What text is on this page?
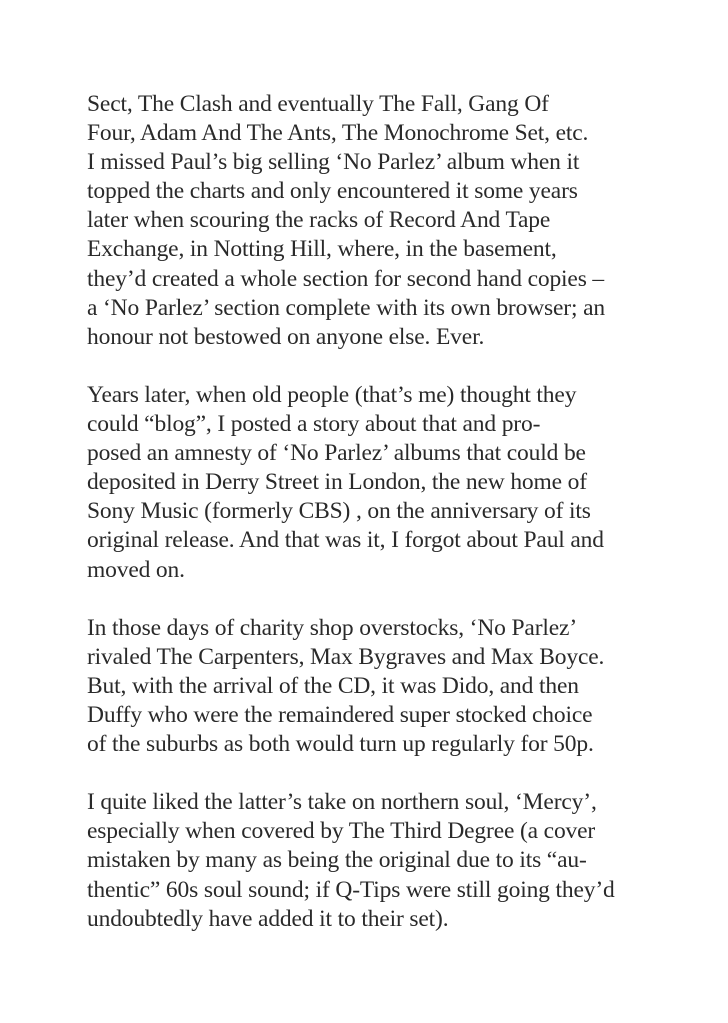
Sect, The Clash and eventually The Fall, Gang Of
Four, Adam And The Ants, The Monochrome Set, etc.
I missed Paul’s big selling ‘No Parlez’ album when it
topped the charts and only encountered it some years
later when scouring the racks of Record And Tape
Exchange, in Notting Hill, where, in the basement,
they’d created a whole section for second hand copies –
a ‘No Parlez’ section complete with its own browser; an
honour not bestowed on anyone else. Ever.

Years later, when old people (that’s me) thought they
could “blog”, I posted a story about that and pro-
posed an amnesty of ‘No Parlez’ albums that could be
deposited in Derry Street in London, the new home of
Sony Music (formerly CBS) , on the anniversary of its
original release. And that was it, I forgot about Paul and
moved on.

In those days of charity shop overstocks, ‘No Parlez’
rivaled The Carpenters, Max Bygraves and Max Boyce.
But, with the arrival of the CD, it was Dido, and then
Duffy who were the remaindered super stocked choice
of the suburbs as both would turn up regularly for 50p.

I quite liked the latter’s take on northern soul, ‘Mercy’,
especially when covered by The Third Degree (a cover
mistaken by many as being the original due to its “au-
thentic” 60s soul sound; if Q-Tips were still going they’d
undoubtedly have added it to their set).
